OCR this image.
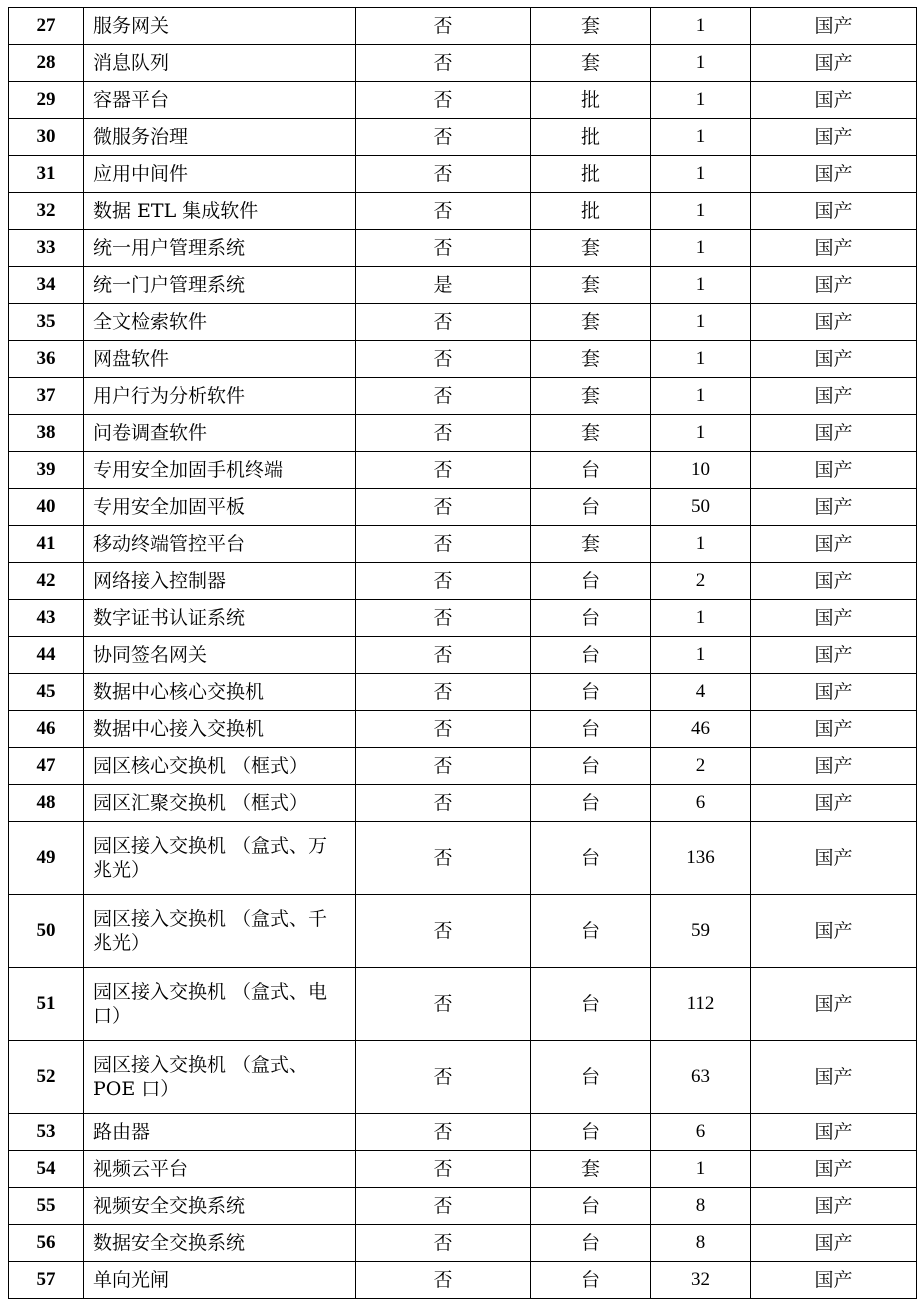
27	服务网关	否	套	1	国产
28	消息队列	否	套	1	国产
29	容器平台	否	批	1	国产
30	微服务治理	否	批	1	国产
31	应用中间件	否	批	1	国产
32	数据 ETL 集成软件	否	批	1	国产
33	统一用户管理系统	否	套	1	国产
34	统一门户管理系统	是	套	1	国产
35	全文检索软件	否	套	1	国产
36	网盘软件	否	套	1	国产
37	用户行为分析软件	否	套	1	国产
38	问卷调查软件	否	套	1	国产
39	专用安全加固手机终端	否	台	10	国产
40	专用安全加固平板	否	台	50	国产
41	移动终端管控平台	否	套	1	国产
42	网络接入控制器	否	台	2	国产
43	数字证书认证系统	否	台	1	国产
44	协同签名网关	否	台	1	国产
45	数据中心核心交换机	否	台	4	国产
46	数据中心接入交换机	否	台	46	国产
47	园区核心交换机 （框式）	否	台	2	国产
48	园区汇聚交换机 （框式）	否	台	6	国产
49	园区接入交换机 （盒式、万兆光）	否	台	136	国产
50	园区接入交换机 （盒式、千兆光）	否	台	59	国产
51	园区接入交换机 （盒式、电口）	否	台	112	国产
52	园区接入交换机 （盒式、POE 口）	否	台	63	国产
53	路由器	否	台	6	国产
54	视频云平台	否	套	1	国产
55	视频安全交换系统	否	台	8	国产
56	数据安全交换系统	否	台	8	国产
57	单向光闸	否	台	32	国产
